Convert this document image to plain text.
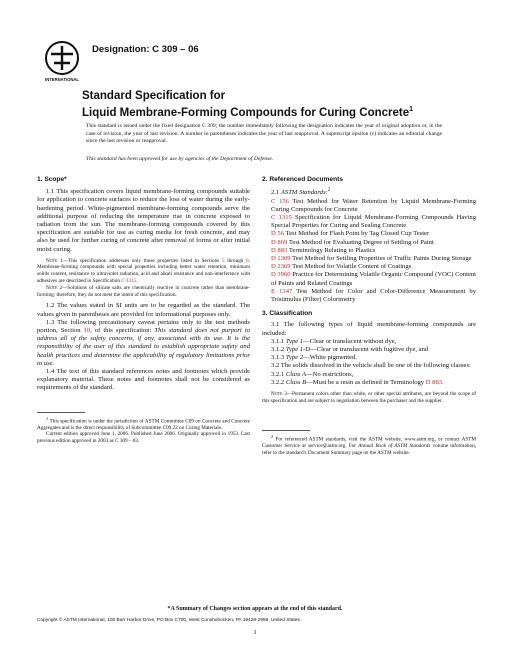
INTERNATIONAL
Designation: C 309 – 06
Standard Specification for
Liquid Membrane-Forming Compounds for Curing Concrete$^1$

This standard is issued under the fixed designation C 309; the number immediately following the designation indicates the year of original adoption or, in the case of revision, the year of last revision. A number in parentheses indicates the year of last reapproval. A superscript epsilon (ε) indicates an editorial change since the last revision or reapproval.

This standard has been approved for use by agencies of the Department of Defense.

1. Scope*

1.1 This specification covers liquid membrane-forming compounds suitable for application to concrete surfaces to reduce the loss of water during the early-hardening period. White-pigmented membrane-forming compounds serve the additional purpose of reducing the temperature rise in concrete exposed to radiation from the sun. The membrane-forming compounds covered by this specification are suitable for use as curing media for fresh concrete, and may also be used for further curing of concrete after removal of forms or after initial moist curing.

Note 1—This specification addresses only those properties listed in Sections 5 through 8. Membrane-forming compounds with special properties including better water retention, minimum solids content, resistance to ultraviolet radiation, acid and alkali resistance and non-interference with adhesives are described in Specification C 1315.

Note 2—Solutions of silicate salts are chemically reactive in concrete rather than membrane-forming; therefore, they do not meet the intent of this specification.

1.2 The values stated in SI units are to be regarded as the standard. The values given in parentheses are provided for informational purposes only.

1.3 The following precautionary caveat pertains only to the test methods portion, Section 10, of this specification: This standard does not purport to address all of the safety concerns, if any, associated with its use. It is the responsibility of the user of this standard to establish appropriate safety and health practices and determine the applicability of regulatory limitations prior to use.

1.4 The text of this standard references notes and footnotes which provide explanatory material. These notes and footnotes shall not be considered as requirements of the standard.

$^1$ This specification is under the jurisdiction of ASTM Committee C09 on Concrete and Concrete Aggregates and is the direct responsibility of Subcommittee C09.22 on Curing Materials.

Current edition approved June 1, 2006. Published June 2006. Originally approved in 1953. Last previous edition approved in 2003 as C 309 – 03.

2. Referenced Documents

2.1 ASTM Standards:$^2$

C 156 Test Method for Water Retention by Liquid Membrane-Forming Curing Compounds for Concrete

C 1315 Specification for Liquid Membrane-Forming Compounds Having Special Properties for Curing and Sealing Concrete

D 56 Test Method for Flash Point by Tag Closed Cup Tester

D 869 Test Method for Evaluating Degree of Settling of Paint

D 883 Terminology Relating to Plastics

D 1309 Test Method for Settling Properties of Traffic Paints During Storage

D 2369 Test Method for Volatile Content of Coatings

D 3960 Practice for Determining Volatile Organic Compound (VOC) Content of Paints and Related Coatings

E 1347 Test Method for Color and Color-Difference Measurement by Tristimulus (Filter) Colorimetry

3. Classification

3.1 The following types of liquid membrane-forming compounds are included:

3.1.1 Type 1—Clear or translucent without dye,

3.1.2 Type 1-D—Clear or translucent with fugitive dye, and

3.1.3 Type 2—White pigmented.

3.2 The solids dissolved in the vehicle shall be one of the following classes:

3.2.1 Class A—No restrictions,

3.2.2 Class B—Must be a resin as defined in Terminology D 883.

Note 3—Permanent colors other than white, or other special attributes, are beyond the scope of this specification and are subject to negotiation between the purchaser and the supplier.

$^2$ For referenced ASTM standards, visit the ASTM website, www.astm.org, or contact ASTM Customer Service at service@astm.org. For Annual Book of ASTM Standards volume information, refer to the standard's Document Summary page on the ASTM website.

*A Summary of Changes section appears at the end of this standard.
Copyright © ASTM International, 100 Barr Harbor Drive, PO Box C700, West Conshohocken, PA 19428-2959, United States.
1
